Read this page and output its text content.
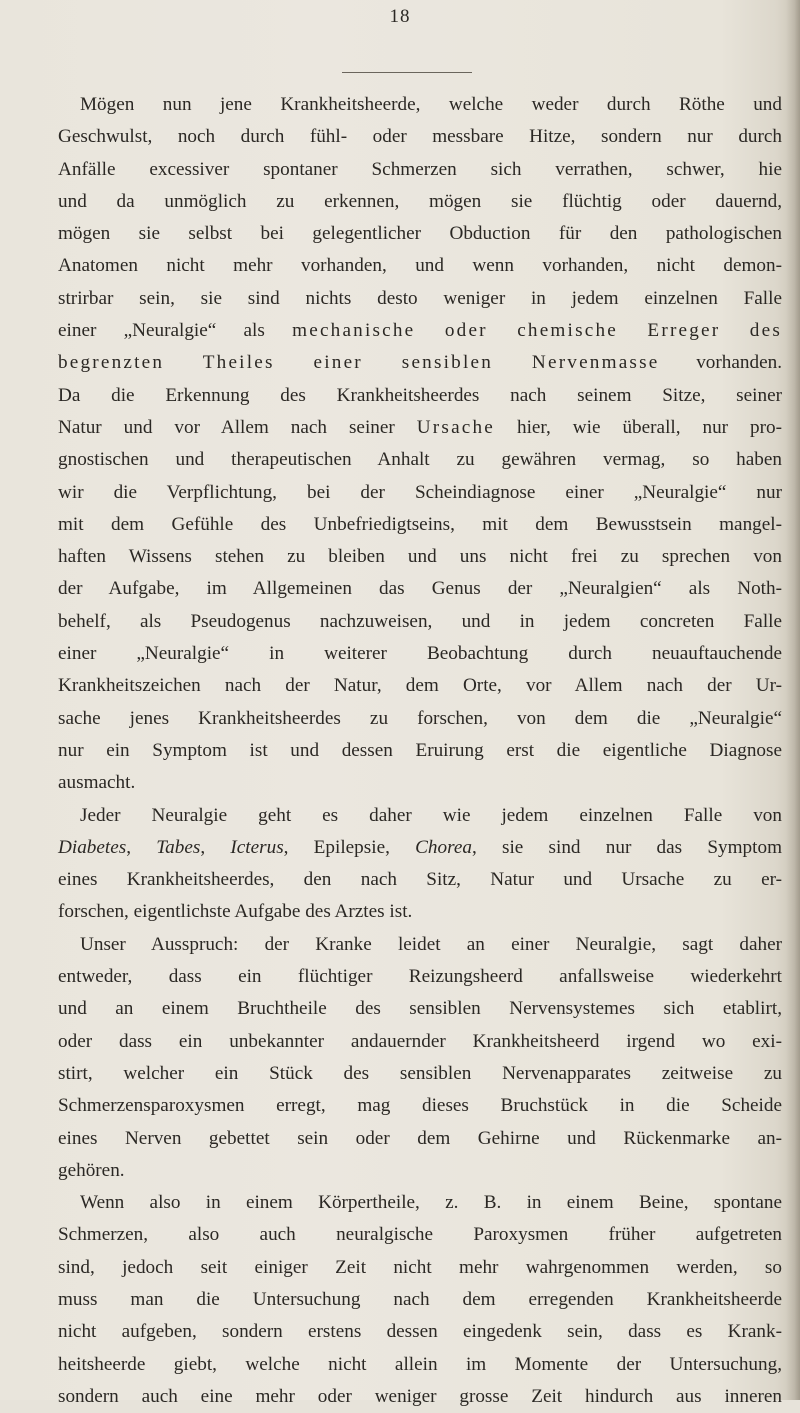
18

Mögen nun jene Krankheitsheerde, welche weder durch Röthe und
Geschwulst, noch durch fühl- oder messbare Hitze, sondern nur durch
Anfälle excessiver spontaner Schmerzen sich verrathen, schwer, hie
und da unmöglich zu erkennen, mögen sie flüchtig oder dauernd,
mögen sie selbst bei gelegentlicher Obduction für den pathologischen
Anatomen nicht mehr vorhanden, und wenn vorhanden, nicht demon-
strirbar sein, sie sind nichts desto weniger in jedem einzelnen Falle
einer „Neuralgie“ als mechanische oder chemische Erreger des
begrenzten Theiles einer sensiblen Nervenmasse vorhanden.
Da die Erkennung des Krankheitsheerdes nach seinem Sitze, seiner
Natur und vor Allem nach seiner Ursache hier, wie überall, nur pro-
gnostischen und therapeutischen Anhalt zu gewähren vermag, so haben
wir die Verpflichtung, bei der Scheindiagnose einer „Neuralgie“ nur
mit dem Gefühle des Unbefriedigtseins, mit dem Bewusstsein mangel-
haften Wissens stehen zu bleiben und uns nicht frei zu sprechen von
der Aufgabe, im Allgemeinen das Genus der „Neuralgien“ als Noth-
behelf, als Pseudogenus nachzuweisen, und in jedem concreten Falle
einer „Neuralgie“ in weiterer Beobachtung durch neuauftauchende
Krankheitszeichen nach der Natur, dem Orte, vor Allem nach der Ur-
sache jenes Krankheitsheerdes zu forschen, von dem die „Neuralgie“
nur ein Symptom ist und dessen Eruirung erst die eigentliche Diagnose
ausmacht.

Jeder Neuralgie geht es daher wie jedem einzelnen Falle von
Diabetes, Tabes, Icterus, Epilepsie, Chorea, sie sind nur das Symptom
eines Krankheitsheerdes, den nach Sitz, Natur und Ursache zu er-
forschen, eigentlichste Aufgabe des Arztes ist.

Unser Ausspruch: der Kranke leidet an einer Neuralgie, sagt daher
entweder, dass ein flüchtiger Reizungsheerd anfallsweise wiederkehrt
und an einem Bruchtheile des sensiblen Nervensystemes sich etablirt,
oder dass ein unbekannter andauernder Krankheitsheerd irgend wo exi-
stirt, welcher ein Stück des sensiblen Nervenapparates zeitweise zu
Schmerzensparoxysmen erregt, mag dieses Bruchstück in die Scheide
eines Nerven gebettet sein oder dem Gehirne und Rückenmarke an-
gehören.

Wenn also in einem Körpertheile, z. B. in einem Beine, spontane
Schmerzen, also auch neuralgische Paroxysmen früher aufgetreten
sind, jedoch seit einiger Zeit nicht mehr wahrgenommen werden, so
muss man die Untersuchung nach dem erregenden Krankheitsheerde
nicht aufgeben, sondern erstens dessen eingedenk sein, dass es Krank-
heitsheerde giebt, welche nicht allein im Momente der Untersuchung,
sondern auch eine mehr oder weniger grosse Zeit hindurch aus inneren
